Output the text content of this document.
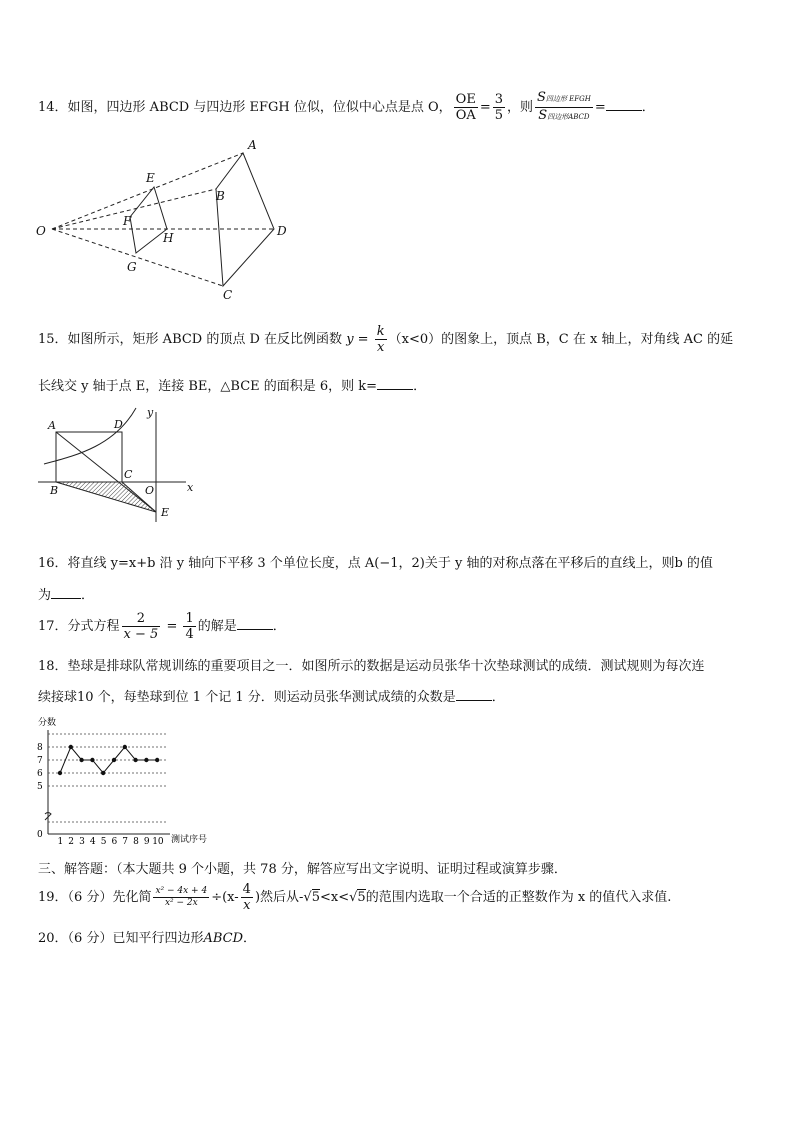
14．如图，四边形 ABCD 与四边形 EFGH 位似，位似中心点是点 O， $\frac{OE}{OA} = \frac{3}{5}$ ，则 $\frac{\text{S四边形 EFGH}}{\text{S四边形ABCD}}$ =	．
O
A
B
C
D
E
F
G
H
15．如图所示，矩形 ABCD 的顶点 D 在反比例函数 $y = \frac{k}{x} (x<0)$的图象上，顶点 B，C 在 x 轴上，对角线 AC 的延
长线交 y 轴于点 E，连接 BE，△BCE 的面积是 6，则 k=	．
A	D
C
B	O
E
x
y
16．将直线 y=x+b 沿 y 轴向下平移 3 个单位长度，点 A(−1，2)关于 y 轴的对称点落在平移后的直线上，则b 的值
为 ．
17．分式方程 $\frac{2}{x - 5} = \frac{1}{4}$ 的解是	．
18．垫球是排球队常规训练的重要项目之一．如图所示的数据是运动员张华十次垫球测试的成绩．测试规则为每次连
续接球10 个，每垫球到位 1 个记 1 分．则运动员张华测试成绩的众数是	．
分数
测试序号
0
5
6
7
8
1 2 3 4 5 6 7 8 9 10
三、解答题：（本大题共 9 个小题，共 78 分，解答应写出文字说明、证明过程或演算步骤．
19．（6 分）先化简 $\frac{\text{x² − 4x + 4}}{\text{x² − 2x}} \div(x- \frac{4}{x}$ )然后从-√5<x<√5的范围内选取一个合适的正整数作为 x 的值代入求值.
20．（6 分）已知平行四边形ABCD．
